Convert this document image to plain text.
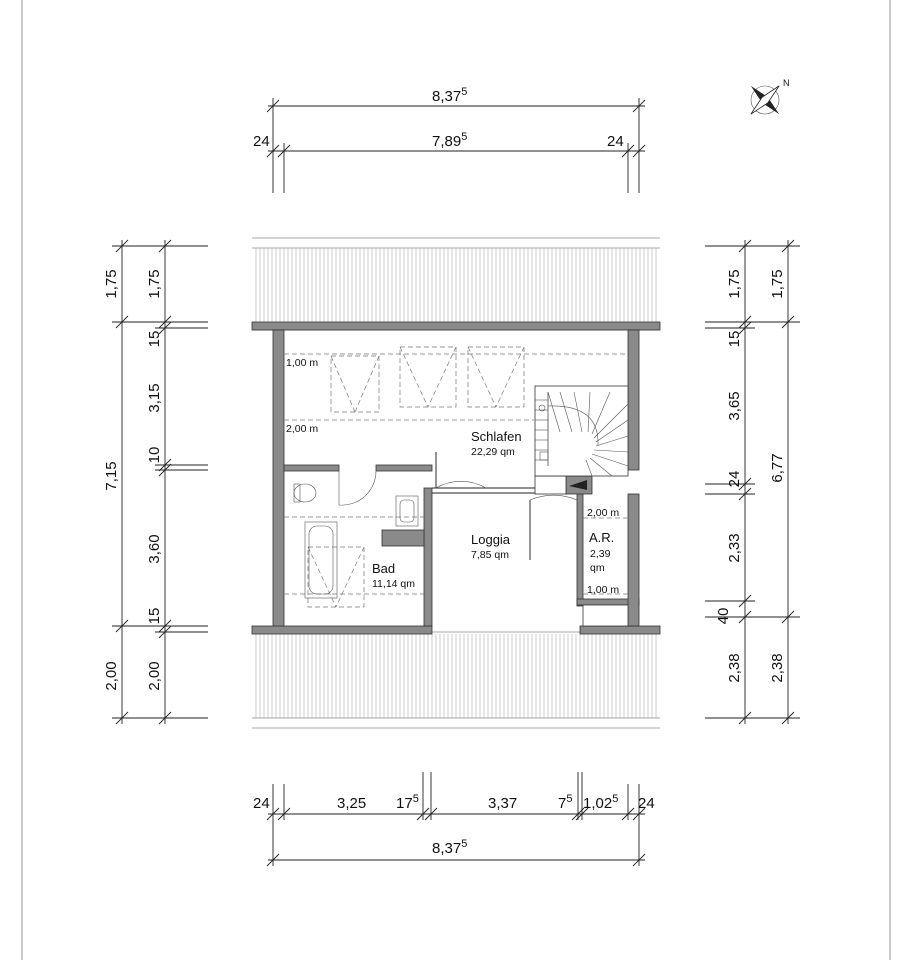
N
8,37$^5$
7,89$^5$
24	24
1,75
7,15
2,00
1,75
15
3,15
10
3,60
15
2,00
1,75
15
3,65
24
2,33
40
2,38
1,75
6,77
2,38
24	3,25 $17^5$	3,37	$7^5$ 1,02$^5$ 24
8,37$^5$
Schlafen
22,29 qm
Loggia
7,85 qm
Bad
11,14 qm
A.R.
2,39
qm
1,00 m
2,00 m
2,00 m
1,00 m
